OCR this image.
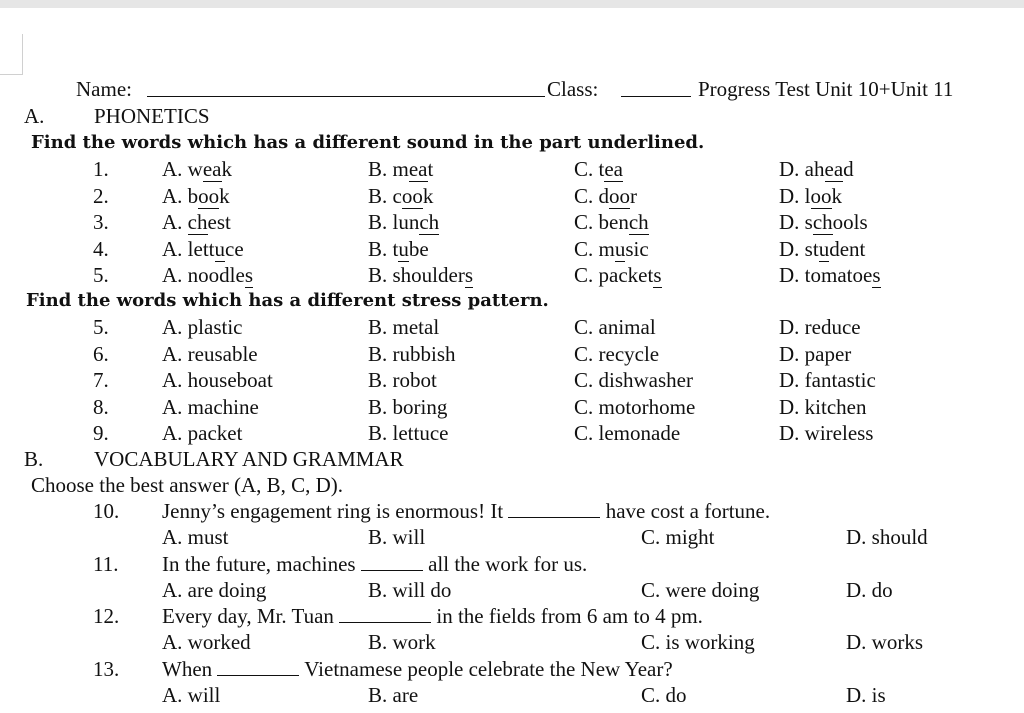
Name:	Class:	Progress Test Unit 10+Unit 11
A. PHONETICS
Find the words which has a different sound in the part underlined.
1.	A. weak	B. meat	C. tea	D. ahead
2.	A. book	B. cook	C. door	D. look
3.	A. chest	B. lunch	C. bench	D. schools
4.	A. lettuce	B. tube	C. music	D. student
5.	A. noodles	B. shoulders	C. packets	D. tomatoes
Find the words which has a different stress pattern.
5.	A. plastic	B. metal	C. animal	D. reduce
6.	A. reusable	B. rubbish	C. recycle	D. paper
7.	A. houseboat	B. robot	C. dishwasher	D. fantastic
8.	A. machine	B. boring	C. motorhome	D. kitchen
9.	A. packet	B. lettuce	C. lemonade	D. wireless
B. VOCABULARY AND GRAMMAR
Choose the best answer (A, B, C, D).
10. Jenny’s engagement ring is enormous! It	have cost a fortune.
A. must	B. will	C. might	D. should
11. In the future, machines	all the work for us.
A. are doing	B. will do	C. were doing	D. do
12. Every day, Mr. Tuan	in the fields from 6 am to 4 pm.
A. worked	B. work	C. is working	D. works
13. When	Vietnamese people celebrate the New Year?
A. will	B. are	C. do	D. is
